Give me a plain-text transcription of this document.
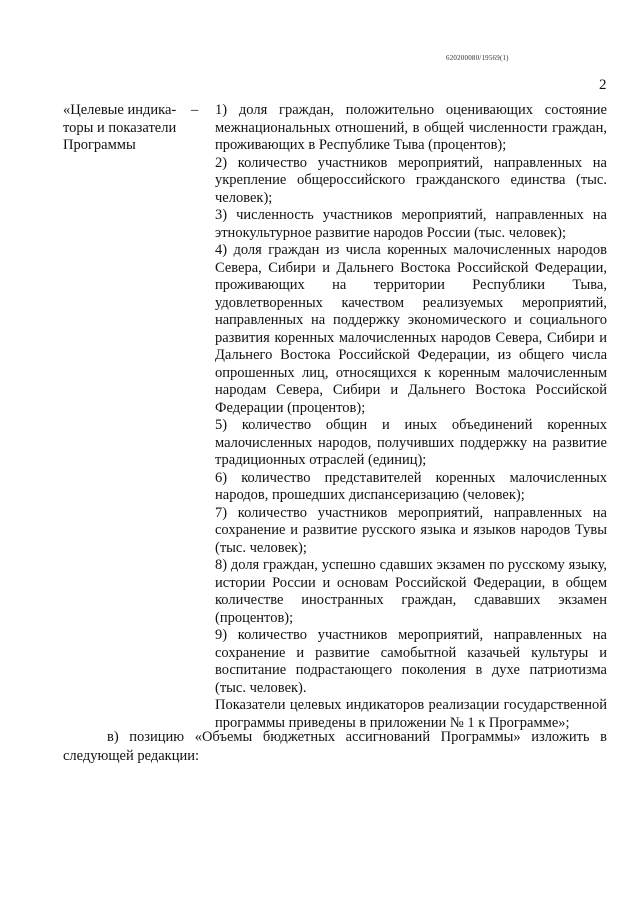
620200080/19569(1)
2
«Целевые индика-
торы и показатели
Программы
– 1) доля граждан, положительно оценивающих состояние межнациональных отношений, в общей численности граждан, проживающих в Республике Тыва (процентов);

2) количество участников мероприятий, направленных на укрепление общероссийского гражданского единства (тыс. человек);

3) численность участников мероприятий, направленных на этнокультурное развитие народов России (тыс. человек);

4) доля граждан из числа коренных малочисленных народов Севера, Сибири и Дальнего Востока Российской Федерации, проживающих на территории Республики Тыва, удовлетворенных качеством реализуемых мероприятий, направленных на поддержку экономического и социального развития коренных малочисленных народов Севера, Сибири и Дальнего Востока Российской Федерации, из общего числа опрошенных лиц, относящихся к коренным малочисленным народам Севера, Сибири и Дальнего Востока Российской Федерации (процентов);

5) количество общин и иных объединений коренных малочисленных народов, получивших поддержку на развитие традиционных отраслей (единиц);

6) количество представителей коренных малочисленных народов, прошедших диспансеризацию (человек);

7) количество участников мероприятий, направленных на сохранение и развитие русского языка и языков народов Тувы (тыс. человек);

8) доля граждан, успешно сдавших экзамен по русскому языку, истории России и основам Российской Федерации, в общем количестве иностранных граждан, сдававших экзамен (процентов);

9) количество участников мероприятий, направленных на сохранение и развитие самобытной казачьей культуры и воспитание подрастающего поколения в духе патриотизма (тыс. человек).

Показатели целевых индикаторов реализации государственной программы приведены в приложении № 1 к Программе»;

в) позицию «Объемы бюджетных ассигнований Программы» изложить в следующей редакции:
